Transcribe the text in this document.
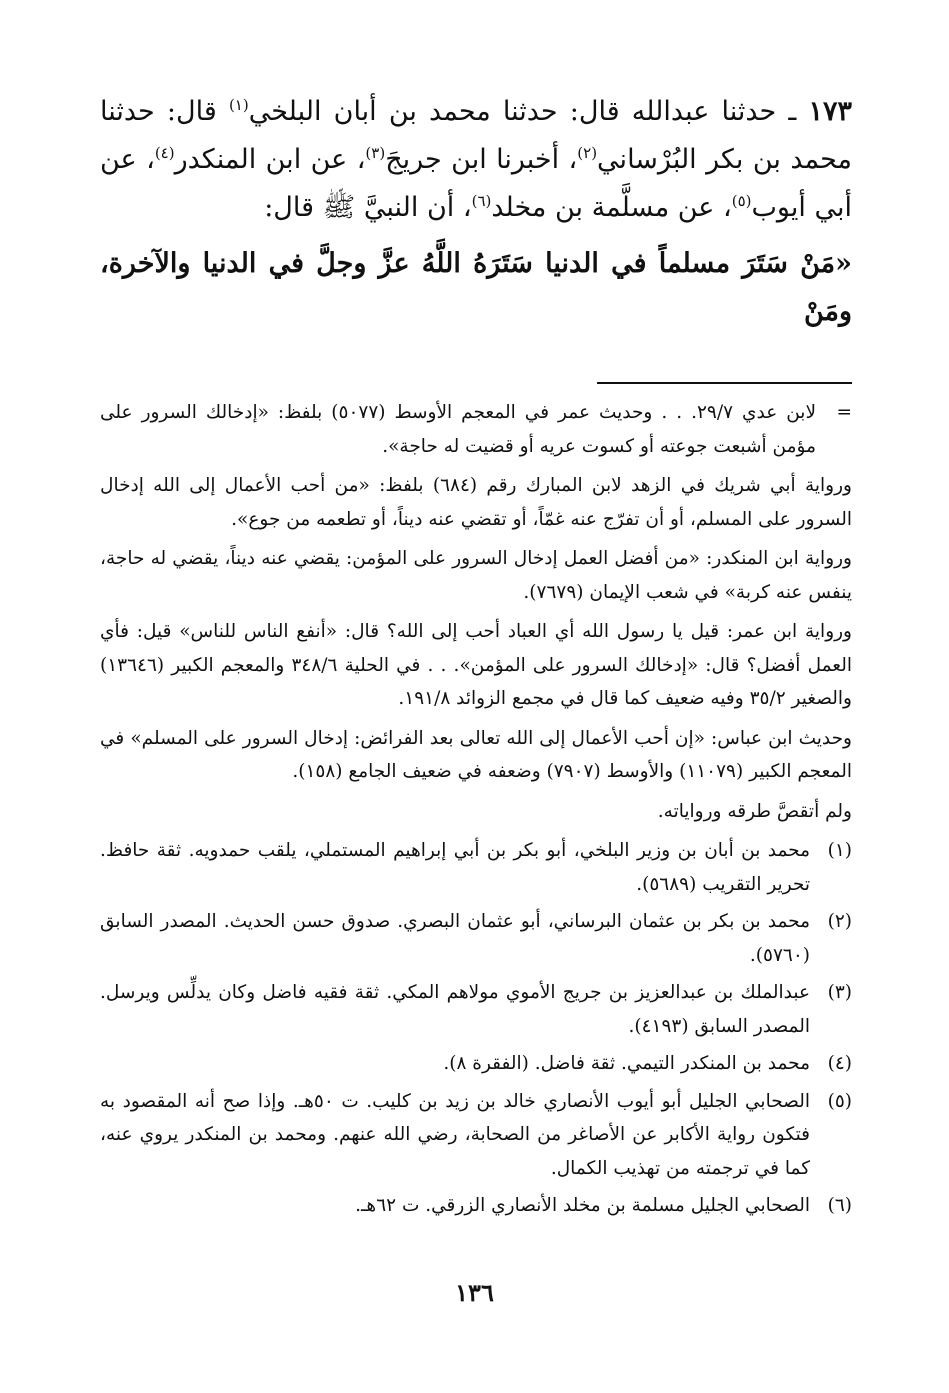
١٧٣ ـ حدثنا عبدالله قال: حدثنا محمد بن أبان البلخي$^{(١)}$ قال: حدثنا محمد بن بكر البُرْساني$^{(٢)}$، أخبرنا ابن جريجَ$^{(٣)}$، عن ابن المنكدر$^{(٤)}$، عن أبي أيوب$^{(٥)}$، عن مسلَّمة بن مخلد$^{(٦)}$، أن النبيَّ ﷺ قال:

«مَنْ سَتَرَ مسلماً في الدنيا سَتَرَهُ اللَّهُ عزَّ وجلَّ في الدنيا والآخرة، ومَنْ

=
لابن عدي ٢٩/٧. . . وحديث عمر في المعجم الأوسط (٥٠٧٧) بلفظ: «إدخالك السرور على مؤمن أشبعت جوعته أو كسوت عريه أو قضيت له حاجة».

ورواية أبي شريك في الزهد لابن المبارك رقم (٦٨٤) بلفظ: «من أحب الأعمال إلى الله إدخال السرور على المسلم، أو أن تفرّج عنه غمّاً، أو تقضي عنه ديناً، أو تطعمه من جوع».

ورواية ابن المنكدر: «من أفضل العمل إدخال السرور على المؤمن: يقضي عنه ديناً، يقضي له حاجة، ينفس عنه كربة» في شعب الإيمان (٧٦٧٩).

ورواية ابن عمر: قيل يا رسول الله أي العباد أحب إلى الله؟ قال: «أنفع الناس للناس» قيل: فأي العمل أفضل؟ قال: «إدخالك السرور على المؤمن». . . في الحلية ٣٤٨/٦ والمعجم الكبير (١٣٦٤٦) والصغير ٣٥/٢ وفيه ضعيف كما قال في مجمع الزوائد ١٩١/٨.

وحديث ابن عباس: «إن أحب الأعمال إلى الله تعالى بعد الفرائض: إدخال السرور على المسلم» في المعجم الكبير (١١٠٧٩) والأوسط (٧٩٠٧) وضعفه في ضعيف الجامع (١٥٨).

ولم أتقصَّ طرقه ورواياته.

(١)
محمد بن أبان بن وزير البلخي، أبو بكر بن أبي إبراهيم المستملي، يلقب حمدويه. ثقة حافظ. تحرير التقريب (٥٦٨٩).

(٢)
محمد بن بكر بن عثمان البرساني، أبو عثمان البصري. صدوق حسن الحديث. المصدر السابق (٥٧٦٠).

(٣)
عبدالملك بن عبدالعزيز بن جريج الأموي مولاهم المكي. ثقة فقيه فاضل وكان يدلِّس ويرسل. المصدر السابق (٤١٩٣).

(٤)
محمد بن المنكدر التيمي. ثقة فاضل. (الفقرة ٨).

(٥)
الصحابي الجليل أبو أيوب الأنصاري خالد بن زيد بن كليب. ت ٥٠هـ. وإذا صح أنه المقصود به فتكون رواية الأكابر عن الأصاغر من الصحابة، رضي الله عنهم. ومحمد بن المنكدر يروي عنه، كما في ترجمته من تهذيب الكمال.

(٦)
الصحابي الجليل مسلمة بن مخلد الأنصاري الزرقي. ت ٦٢هـ.

١٣٦
